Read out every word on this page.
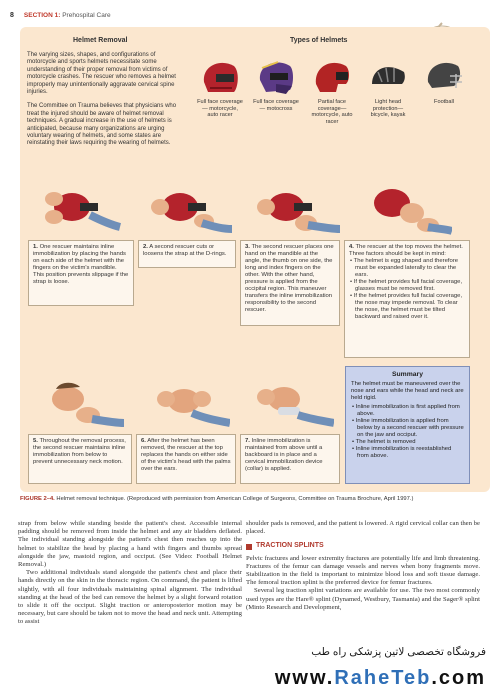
8 SECTION 1: Prehospital Care
Helmet Removal

The varying sizes, shapes, and configurations of motorcycle and sports helmets necessitate some understanding of their proper removal from victims of motorcycle crashes. The rescuer who removes a helmet improperly may unintentionally aggravate cervical spine injuries.

The Committee on Trauma believes that physicians who treat the injured should be aware of helmet removal techniques. A gradual increase in the use of helmets is anticipated, because many organizations are urging voluntary wearing of helmets, and some states are reinstating their laws requiring the wearing of helmets.

Types of Helmets
Full face coverage— motorcycle, auto racer
Full face coverage— motocross
Partial face coverage— motorcycle, auto racer
Light head protection— bicycle, kayak
Football
1. One rescuer maintains inline immobilization by placing the hands on each side of the helmet with the fingers on the victim's mandible. This position prevents slippage if the strap is loose.
2. A second rescuer cuts or loosens the strap at the D-rings.
3. The second rescuer places one hand on the mandible at the angle, the thumb on one side, the long and index fingers on the other. With the other hand, pressure is applied from the occipital region. This maneuver transfers the inline immobilization responsibility to the second rescuer.
4. The rescuer at the top moves the helmet. Three factors should be kept in mind:
• The helmet is egg shaped and therefore must be expanded laterally to clear the ears.
• If the helmet provides full facial coverage, glasses must be removed first.
• If the helmet provides full facial coverage, the nose may impede removal. To clear the nose, the helmet must be tilted backward and raised over it.
5. Throughout the removal process, the second rescuer maintains inline immobilization from below to prevent unnecessary neck motion.
6. After the helmet has been removed, the rescuer at the top replaces the hands on either side of the victim's head with the palms over the ears.
7. Inline immobilization is maintained from above until a backboard is in place and a cervical immobilization device (collar) is applied.
Summary
The helmet must be maneuvered over the nose and ears while the head and neck are held rigid.
• Inline immobilization is first applied from above.
• Inline immobilization is applied from below by a second rescuer with pressure on the jaw and occiput.
• The helmet is removed
• Inline immobilization is reestablished from above.
FIGURE 2–4. Helmet removal technique. (Reproduced with permission from American College of Surgeons, Committee on Trauma Brochure, April 1997.)

strap from below while standing beside the patient's chest. Accessible internal padding should be removed from inside the helmet and any air bladders deflated. The individual standing alongside the patient's chest then reaches up into the helmet to stabilize the head by placing a hand with fingers and thumbs spread alongside the jaw, mastoid region, and occiput. (See Video: Football Helmet Removal.)

Two additional individuals stand alongside the patient's chest and place their hands directly on the skin in the thoracic region. On command, the patient is lifted slightly, with all four individuals maintaining spinal alignment. The individual standing at the head of the bed can remove the helmet by a slight forward rotation to slide it off the occiput. Slight traction or anteroposterior motion may be necessary, but care should be taken not to move the head and neck unit. Attempting to assist

shoulder pads is removed, and the patient is lowered. A rigid cervical collar can then be placed.

TRACTION SPLINTS

Pelvic fractures and lower extremity fractures are potentially life and limb threatening. Fractures of the femur can damage vessels and nerves when bony fragments move. Stabilization in the field is important to minimize blood loss and soft tissue damage. The femoral traction splint is the preferred device for femur fractures.

Several leg traction splint variations are available for use. The two most commonly used types are the Hare® splint (Dynamed, Westbury, Tasmania) and the Sager® splint (Minto Research and Development,

فروشگاه تخصصی لاتین پزشکی راه طب
www.RaheTeb.com
